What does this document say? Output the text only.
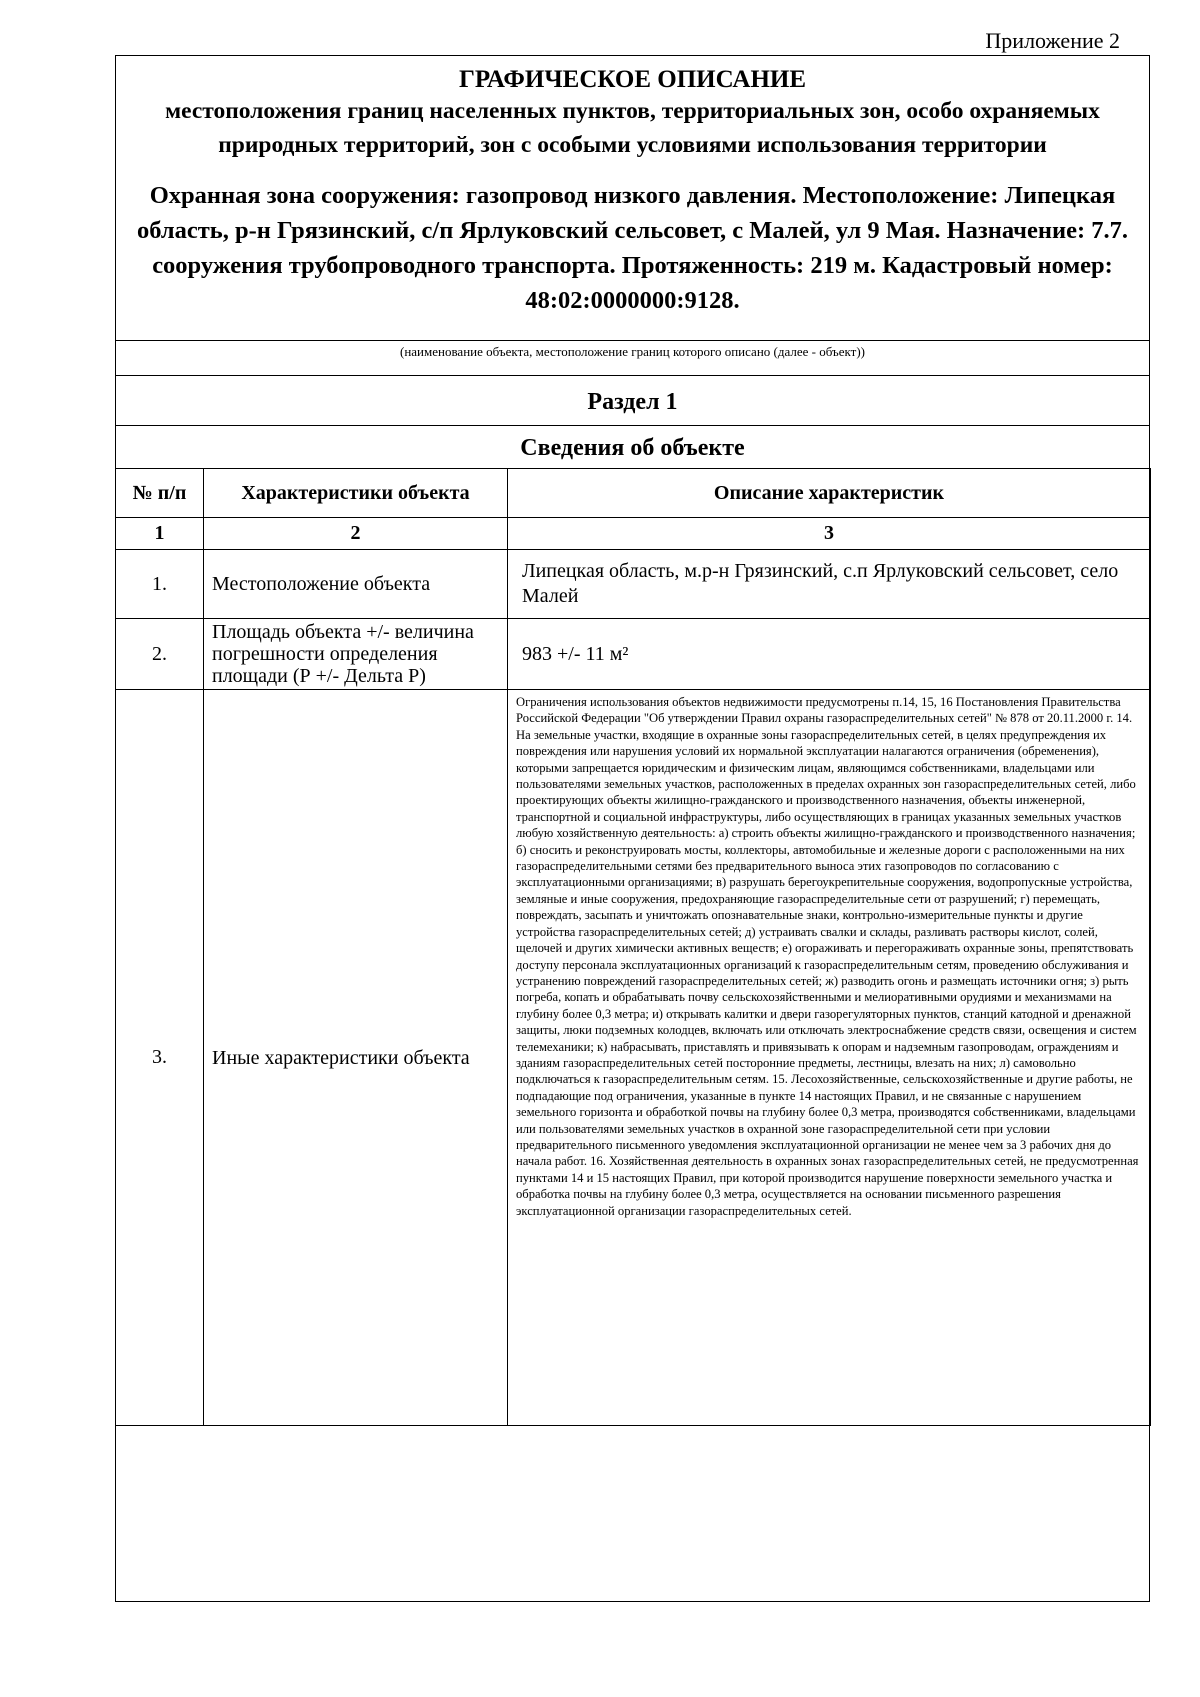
Приложение 2
ГРАФИЧЕСКОЕ ОПИСАНИЕ
местоположения границ населенных пунктов, территориальных зон, особо охраняемых природных территорий, зон с особыми условиями использования территории
Охранная зона сооружения: газопровод низкого давления. Местоположение: Липецкая область, р-н Грязинский, с/п Ярлуковский сельсовет, с Малей, ул 9 Мая. Назначение: 7.7. сооружения трубопроводного транспорта. Протяженность: 219 м. Кадастровый номер: 48:02:0000000:9128.
(наименование объекта, местоположение границ которого описано (далее - объект))
Раздел 1
Сведения об объекте
№ п/п	Характеристики объекта	Описание характеристик
1	2	3
1.	Местоположение объекта	Липецкая область, м.р-н Грязинский, с.п Ярлуковский сельсовет, село Малей
2.	Площадь объекта +/- величина погрешности определения площади (Р +/- Дельта Р)	983 +/- 11 м²
3.	Иные характеристики объекта	Ограничения использования объектов недвижимости предусмотрены п.14, 15, 16 Постановления Правительства Российской Федерации "Об утверждении Правил охраны газораспределительных сетей" № 878 от 20.11.2000 г. 14. На земельные участки, входящие в охранные зоны газораспределительных сетей, в целях предупреждения их повреждения или нарушения условий их нормальной эксплуатации налагаются ограничения (обременения), которыми запрещается юридическим и физическим лицам, являющимся собственниками, владельцами или пользователями земельных участков, расположенных в пределах охранных зон газораспределительных сетей, либо проектирующих объекты жилищно-гражданского и производственного назначения, объекты инженерной, транспортной и социальной инфраструктуры, либо осуществляющих в границах указанных земельных участков любую хозяйственную деятельность: а) строить объекты жилищно-гражданского и производственного назначения; б) сносить и реконструировать мосты, коллекторы, автомобильные и железные дороги с расположенными на них газораспределительными сетями без предварительного выноса этих газопроводов по согласованию с эксплуатационными организациями; в) разрушать берегоукрепительные сооружения, водопропускные устройства, земляные и иные сооружения, предохраняющие газораспределительные сети от разрушений; г) перемещать, повреждать, засыпать и уничтожать опознавательные знаки, контрольно-измерительные пункты и другие устройства газораспределительных сетей; д) устраивать свалки и склады, разливать растворы кислот, солей, щелочей и других химически активных веществ; е) огораживать и перегораживать охранные зоны, препятствовать доступу персонала эксплуатационных организаций к газораспределительным сетям, проведению обслуживания и устранению повреждений газораспределительных сетей; ж) разводить огонь и размещать источники огня; з) рыть погреба, копать и обрабатывать почву сельскохозяйственными и мелиоративными орудиями и механизмами на глубину более 0,3 метра; и) открывать калитки и двери газорегуляторных пунктов, станций катодной и дренажной защиты, люки подземных колодцев, включать или отключать электроснабжение средств связи, освещения и систем телемеханики; к) набрасывать, приставлять и привязывать к опорам и надземным газопроводам, ограждениям и зданиям газораспределительных сетей посторонние предметы, лестницы, влезать на них; л) самовольно подключаться к газораспределительным сетям. 15. Лесохозяйственные, сельскохозяйственные и другие работы, не подпадающие под ограничения, указанные в пункте 14 настоящих Правил, и не связанные с нарушением земельного горизонта и обработкой почвы на глубину более 0,3 метра, производятся собственниками, владельцами или пользователями земельных участков в охранной зоне газораспределительной сети при условии предварительного письменного уведомления эксплуатационной организации не менее чем за 3 рабочих дня до начала работ. 16. Хозяйственная деятельность в охранных зонах газораспределительных сетей, не предусмотренная пунктами 14 и 15 настоящих Правил, при которой производится нарушение поверхности земельного участка и обработка почвы на глубину более 0,3 метра, осуществляется на основании письменного разрешения эксплуатационной организации газораспределительных сетей.
